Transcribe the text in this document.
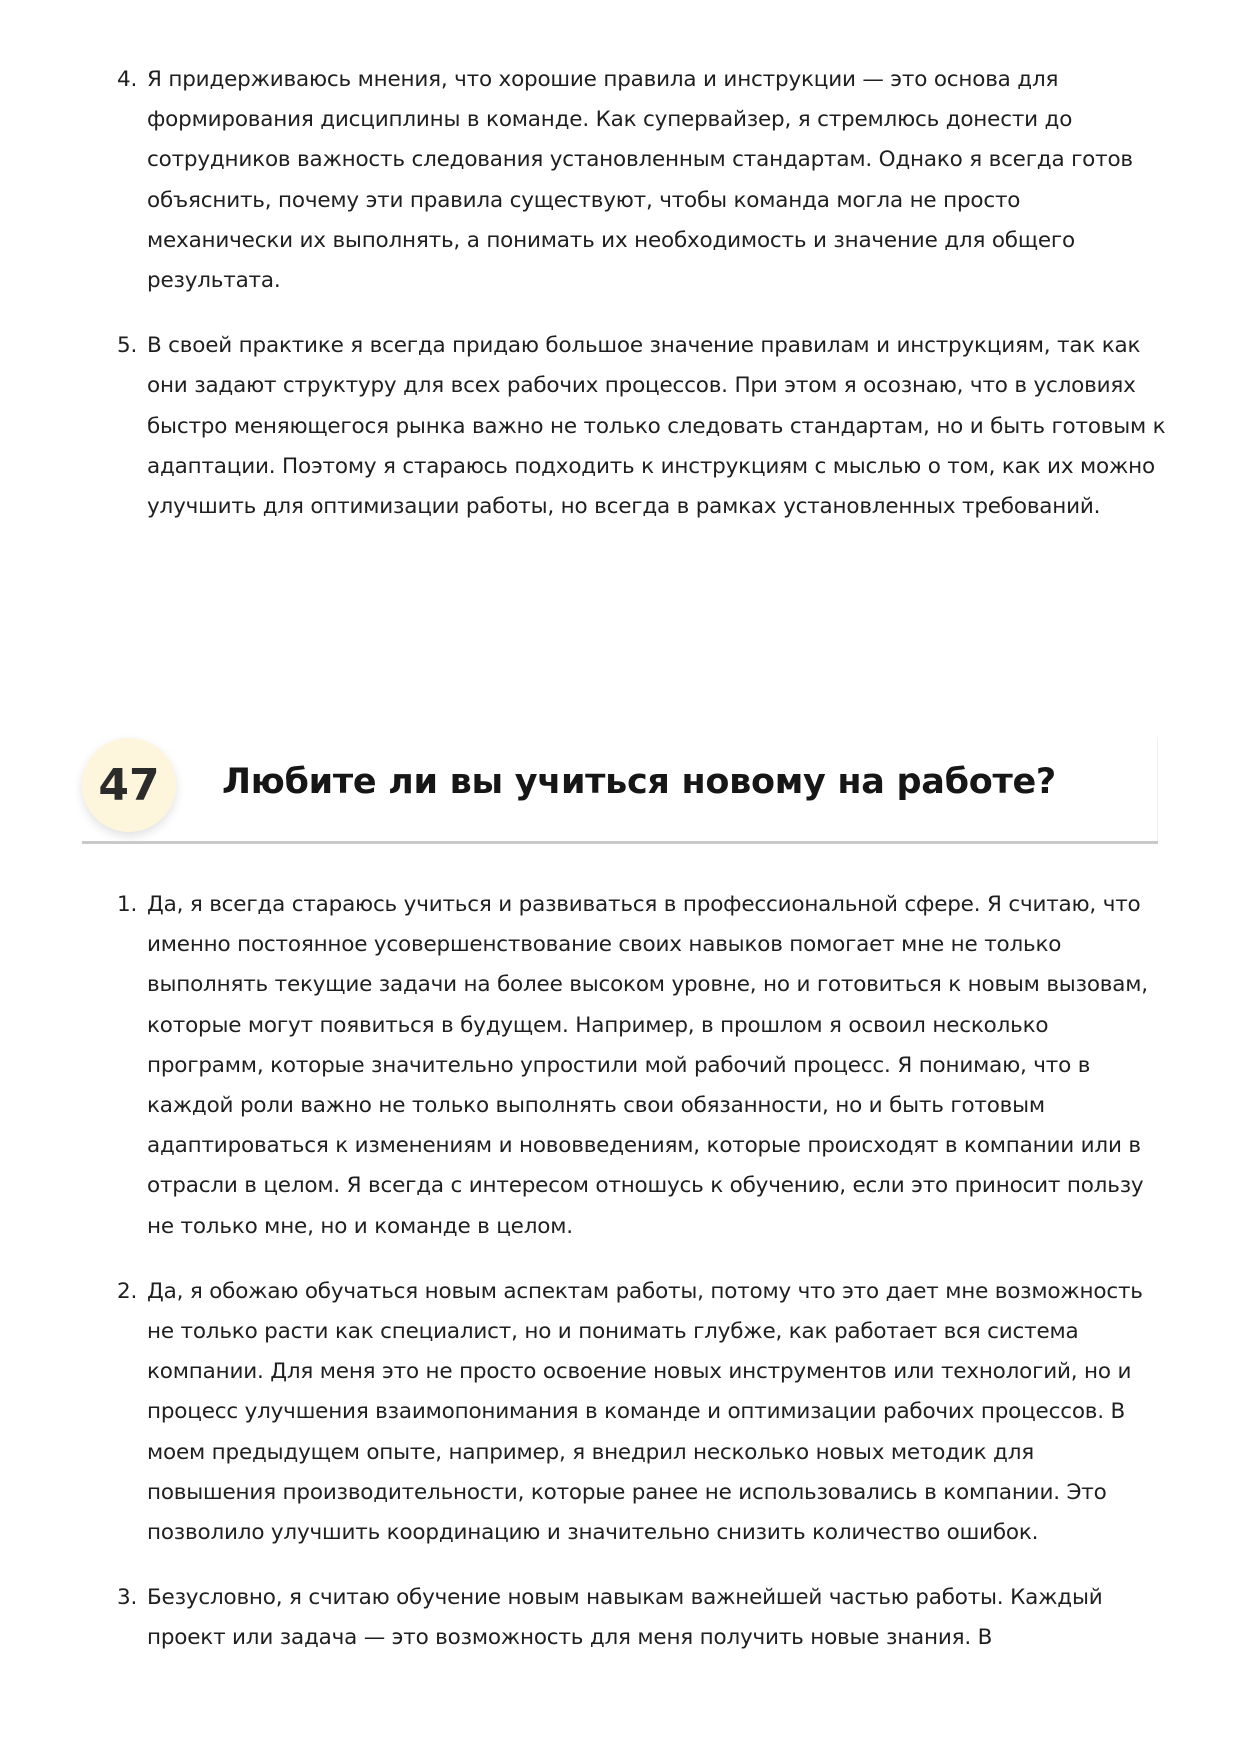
4. Я придерживаюсь мнения, что хорошие правила и инструкции — это основа для формирования дисциплины в команде. Как супервайзер, я стремлюсь донести до сотрудников важность следования установленным стандартам. Однако я всегда готов объяснить, почему эти правила существуют, чтобы команда могла не просто механически их выполнять, а понимать их необходимость и значение для общего результата.
5. В своей практике я всегда придаю большое значение правилам и инструкциям, так как они задают структуру для всех рабочих процессов. При этом я осознаю, что в условиях быстро меняющегося рынка важно не только следовать стандартам, но и быть готовым к адаптации. Поэтому я стараюсь подходить к инструкциям с мыслью о том, как их можно улучшить для оптимизации работы, но всегда в рамках установленных требований.
47 Любите ли вы учиться новому на работе?
1. Да, я всегда стараюсь учиться и развиваться в профессиональной сфере. Я считаю, что именно постоянное усовершенствование своих навыков помогает мне не только выполнять текущие задачи на более высоком уровне, но и готовиться к новым вызовам, которые могут появиться в будущем. Например, в прошлом я освоил несколько программ, которые значительно упростили мой рабочий процесс. Я понимаю, что в каждой роли важно не только выполнять свои обязанности, но и быть готовым адаптироваться к изменениям и нововведениям, которые происходят в компании или в отрасли в целом. Я всегда с интересом отношусь к обучению, если это приносит пользу не только мне, но и команде в целом.
2. Да, я обожаю обучаться новым аспектам работы, потому что это дает мне возможность не только расти как специалист, но и понимать глубже, как работает вся система компании. Для меня это не просто освоение новых инструментов или технологий, но и процесс улучшения взаимопонимания в команде и оптимизации рабочих процессов. В моем предыдущем опыте, например, я внедрил несколько новых методик для повышения производительности, которые ранее не использовались в компании. Это позволило улучшить координацию и значительно снизить количество ошибок.
3. Безусловно, я считаю обучение новым навыкам важнейшей частью работы. Каждый проект или задача — это возможность для меня получить новые знания. В
